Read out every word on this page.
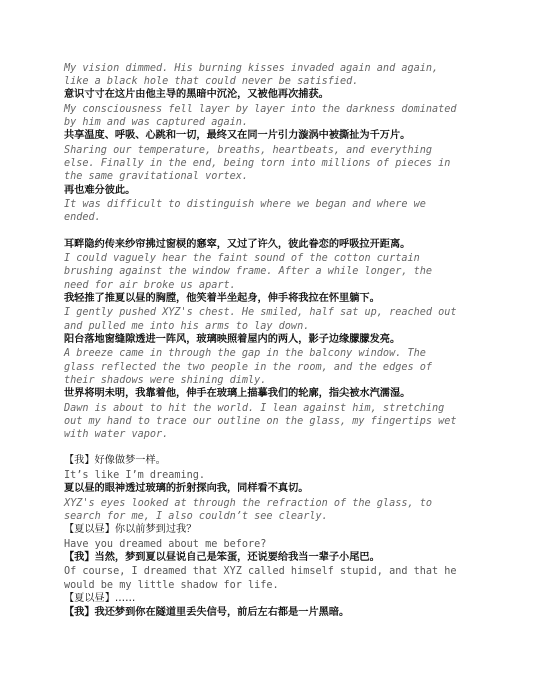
My vision dimmed. His burning kisses invaded again and again,
like a black hole that could never be satisfied.

意识寸寸在这片由他主导的黑暗中沉沦，又被他再次捕获。

My consciousness fell layer by layer into the darkness dominated
by him and was captured again.

共享温度、呼吸、心跳和一切，最终又在同一片引力漩涡中被撕扯为千万片。

Sharing our temperature, breaths, heartbeats, and everything
else. Finally in the end, being torn into millions of pieces in
the same gravitational vortex.

再也难分彼此。

It was difficult to distinguish where we began and where we
ended.

耳畔隐约传来纱帘拂过窗棂的窸窣，又过了许久，彼此眷恋的呼吸拉开距离。

I could vaguely hear the faint sound of the cotton curtain
brushing against the window frame. After a while longer, the
need for air broke us apart.

我轻推了推夏以昼的胸膛，他笑着半坐起身，伸手将我拉在怀里躺下。

I gently pushed XYZ's chest. He smiled, half sat up, reached out
and pulled me into his arms to lay down.

阳台落地窗缝隙透进一阵风，玻璃映照着屋内的两人，影子边缘朦朦发亮。

A breeze came in through the gap in the balcony window. The
glass reflected the two people in the room, and the edges of
their shadows were shining dimly.

世界将明未明，我靠着他，伸手在玻璃上描摹我们的轮廓，指尖被水汽濡湿。

Dawn is about to hit the world. I lean against him, stretching
out my hand to trace our outline on the glass, my fingertips wet
with water vapor.

【我】好像做梦一样。

It’s like I’m dreaming.

夏以昼的眼神透过玻璃的折射探向我，同样看不真切。

XYZ's eyes looked at through the refraction of the glass, to
search for me, I also couldn’t see clearly.

【夏以昼】你以前梦到过我？

Have you dreamed about me before?

【我】当然，梦到夏以昼说自己是笨蛋，还说要给我当一辈子小尾巴。

Of course, I dreamed that XYZ called himself stupid, and that he
would be my little shadow for life.

【夏以昼】……

【我】我还梦到你在隧道里丢失信号，前后左右都是一片黑暗。
